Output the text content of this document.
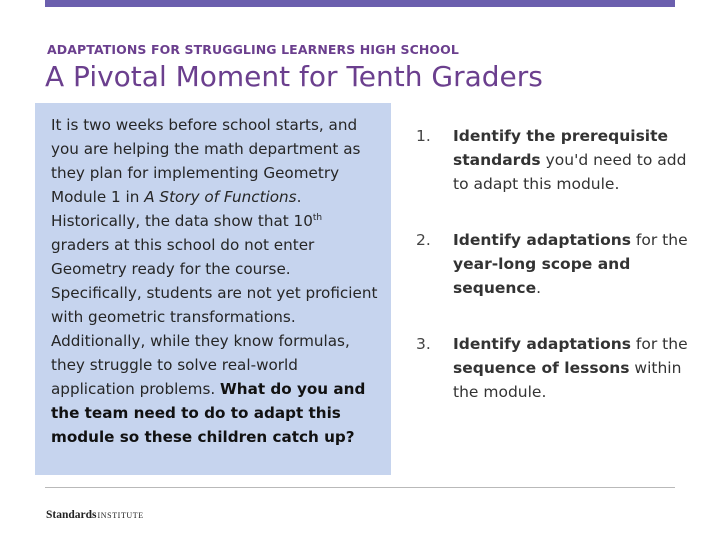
ADAPTATIONS FOR STRUGGLING LEARNERS HIGH SCHOOL
A Pivotal Moment for Tenth Graders
It is two weeks before school starts, and you are helping the math department as they plan for implementing Geometry Module 1 in A Story of Functions. Historically, the data show that 10th graders at this school do not enter Geometry ready for the course. Specifically, students are not yet proficient with geometric transformations. Additionally, while they know formulas, they struggle to solve real-world application problems. What do you and the team need to do to adapt this module so these children catch up?
1. Identify the prerequisite standards you'd need to add to adapt this module.
2. Identify adaptations for the year-long scope and sequence.
3. Identify adaptations for the sequence of lessons within the module.
StandardsINSTITUTE
